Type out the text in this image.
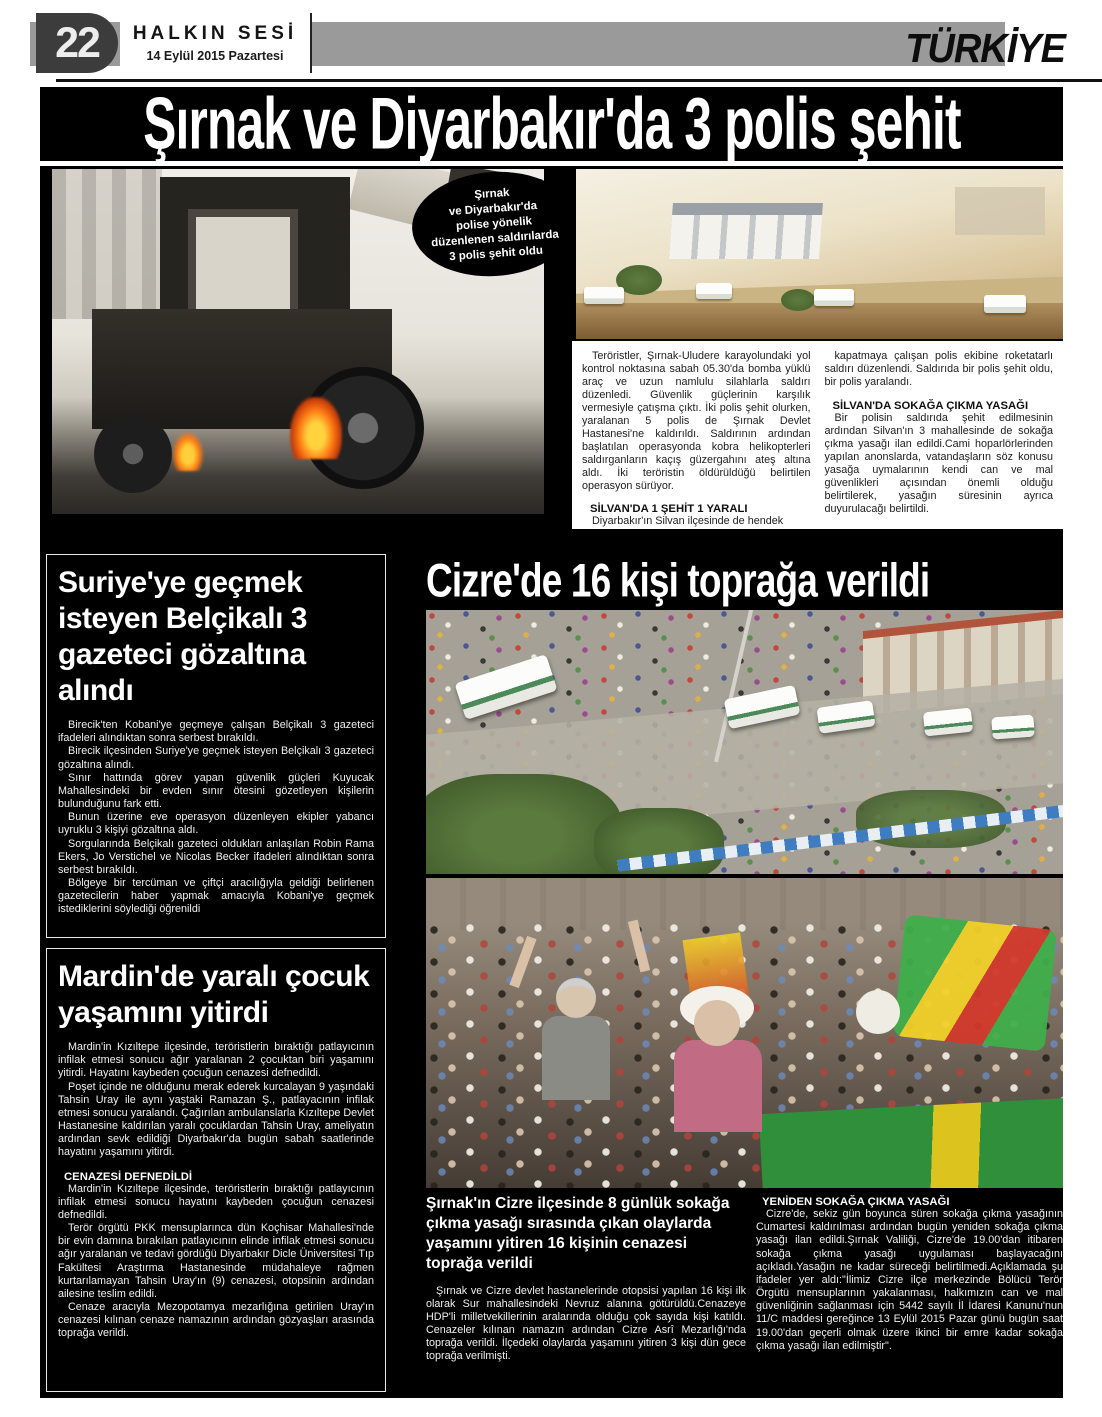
22	HALKIN SESİ
14 Eylül 2015 Pazartesi	TÜRKİYE
Şırnak ve Diyarbakır'da 3 polis şehit
Şırnak
ve Diyarbakır'da
polise yönelik
düzenlenen saldırılarda
3 polis şehit oldu

Teröristler, Şırnak-Uludere karayolundaki yol kontrol noktasına sabah 05.30'da bomba yüklü araç ve uzun namlulu silahlarla saldırı düzenledi. Güvenlik güçlerinin karşılık vermesiyle çatışma çıktı. İki polis şehit olurken, yaralanan 5 polis de Şırnak Devlet Hastanesi'ne kaldırıldı. Saldırının ardından başlatılan operasyonda kobra helikopterleri saldırganların kaçış güzergahını ateş altına aldı. İki teröristin öldürüldüğü belirtilen operasyon sürüyor.

SİLVAN'DA 1 ŞEHİT 1 YARALI

Diyarbakır'ın Silvan ilçesinde de hendek

kapatmaya çalışan polis ekibine roketatarlı saldırı düzenlendi. Saldırıda bir polis şehit oldu, bir polis yaralandı.

SİLVAN'DA SOKAĞA ÇIKMA YASAĞI

Bir polisin saldırıda şehit edilmesinin ardından Silvan'ın 3 mahallesinde de sokağa çıkma yasağı ilan edildi.Cami hoparlörlerinden yapılan anonslarda, vatandaşların söz konusu yasağa uymalarının kendi can ve mal güvenlikleri açısından önemli olduğu belirtilerek, yasağın süresinin ayrıca duyurulacağı belirtildi.

Suriye'ye geçmek isteyen Belçikalı 3 gazeteci gözaltına alındı

Birecik'ten Kobani'ye geçmeye çalışan Belçikalı 3 gazeteci ifadeleri alındıktan sonra serbest bırakıldı.

Birecik ilçesinden Suriye'ye geçmek isteyen Belçikalı 3 gazeteci gözaltına alındı.

Sınır hattında görev yapan güvenlik güçleri Kuyucak Mahallesindeki bir evden sınır ötesini gözetleyen kişilerin bulunduğunu fark etti.

Bunun üzerine eve operasyon düzenleyen ekipler yabancı uyruklu 3 kişiyi gözaltına aldı.

Sorgularında Belçikalı gazeteci oldukları anlaşılan Robin Rama Ekers, Jo Verstichel ve Nicolas Becker ifadeleri alındıktan sonra serbest bırakıldı.

Bölgeye bir tercüman ve çiftçi aracılığıyla geldiği belirlenen gazetecilerin haber yapmak amacıyla Kobani'ye geçmek istediklerini söylediği öğrenildi

Mardin'de yaralı çocuk yaşamını yitirdi

Mardin'in Kızıltepe ilçesinde, teröristlerin bıraktığı patlayıcının infilak etmesi sonucu ağır yaralanan 2 çocuktan biri yaşamını yitirdi. Hayatını kaybeden çocuğun cenazesi defnedildi.

Poşet içinde ne olduğunu merak ederek kurcalayan 9 yaşındaki Tahsin Uray ile aynı yaştaki Ramazan Ş., patlayacının infilak etmesi sonucu yaralandı. Çağırılan ambulanslarla Kızıltepe Devlet Hastanesine kaldırılan yaralı çocuklardan Tahsin Uray, ameliyatın ardından sevk edildiği Diyarbakır'da bugün sabah saatlerinde hayatını yaşamını yitirdi.

CENAZESİ DEFNEDİLDİ

Mardin'in Kızıltepe ilçesinde, teröristlerin bıraktığı patlayıcının infilak etmesi sonucu hayatını kaybeden çocuğun cenazesi defnedildi.

Terör örgütü PKK mensuplarınca dün Koçhisar Mahallesi'nde bir evin damına bırakılan patlayıcının elinde infilak etmesi sonucu ağır yaralanan ve tedavi gördüğü Diyarbakır Dicle Üniversitesi Tıp Fakültesi Araştırma Hastanesinde müdahaleye rağmen kurtarılamayan Tahsin Uray'ın (9) cenazesi, otopsinin ardından ailesine teslim edildi.

Cenaze aracıyla Mezopotamya mezarlığına getirilen Uray'ın cenazesi kılınan cenaze namazının ardından gözyaşları arasında toprağa verildi.

Cizre'de 16 kişi toprağa verildi
Şırnak'ın Cizre ilçesinde 8 günlük sokağa çıkma yasağı sırasında çıkan olaylarda yaşamını yitiren 16 kişinin cenazesi toprağa verildi

Şırnak ve Cizre devlet hastanelerinde otopsisi yapılan 16 kişi ilk olarak Sur mahallesindeki Nevruz alanına götürüldü.Cenazeye HDP'li milletvekillerinin aralarında olduğu çok sayıda kişi katıldı. Cenazeler kılınan namazın ardından Cizre Asrî Mezarlığı'nda toprağa verildi. İlçedeki olaylarda yaşamını yitiren 3 kişi dün gece toprağa verilmişti.

YENİDEN SOKAĞA ÇIKMA YASAĞI

Cizre'de, sekiz gün boyunca süren sokağa çıkma yasağının Cumartesi kaldırılması ardından bugün yeniden sokağa çıkma yasağı ilan edildi.Şırnak Valiliği, Cizre'de 19.00'dan itibaren sokağa çıkma yasağı uygulaması başlayacağını açıkladı.Yasağın ne kadar süreceği belirtilmedi.Açıklamada şu ifadeler yer aldı:"İlimiz Cizre ilçe merkezinde Bölücü Terör Örgütü mensuplarının yakalanması, halkımızın can ve mal güvenliğinin sağlanması için 5442 sayılı İl İdaresi Kanunu'nun 11/C maddesi gereğince 13 Eylül 2015 Pazar günü bugün saat 19.00'dan geçerli olmak üzere ikinci bir emre kadar sokağa çıkma yasağı ilan edilmiştir".
